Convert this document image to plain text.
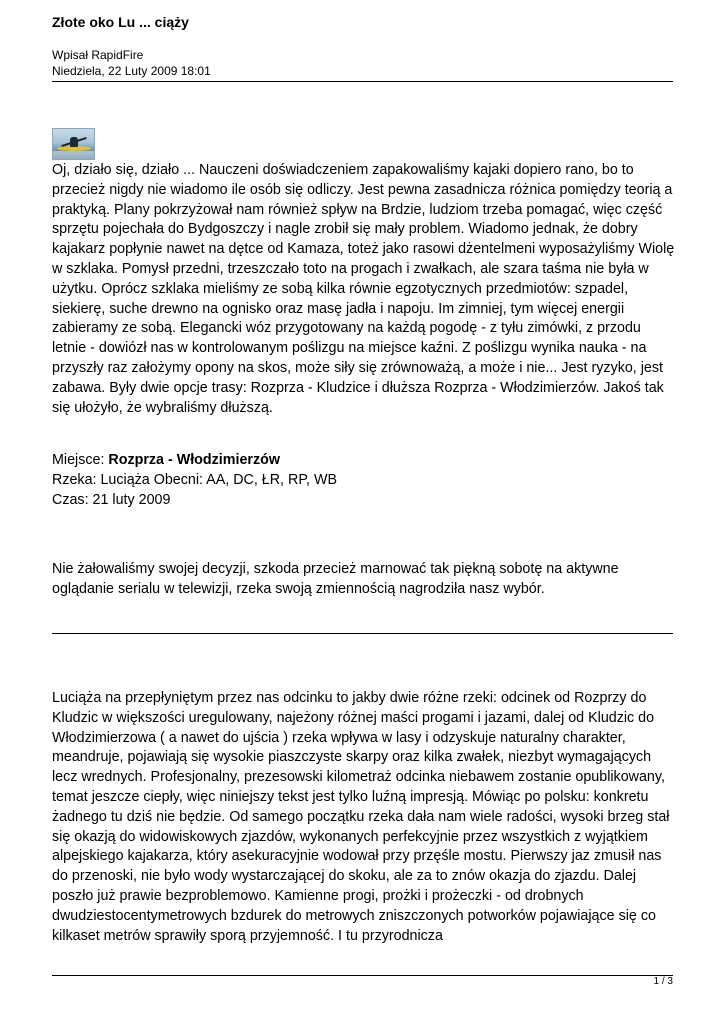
Złote oko Lu ... ciąży
Wpisał RapidFire
Niedziela, 22 Luty 2009 18:01

Oj, działo się, działo ... Nauczeni doświadczeniem zapakowaliśmy kajaki dopiero rano, bo to przecież nigdy nie wiadomo ile osób się odliczy. Jest pewna zasadnicza różnica pomiędzy teorią a praktyką. Plany pokrzyżował nam również spływ na Brdzie, ludziom trzeba pomagać, więc część sprzętu pojechała do Bydgoszczy i nagle zrobił się mały problem. Wiadomo jednak, że dobry kajakarz popłynie nawet na dętce od Kamaza, toteż jako rasowi dżentelmeni wyposażyliśmy Wiolę w szklaka. Pomysł przedni, trzeszczało toto na progach i zwałkach, ale szara taśma nie była w użytku. Oprócz szklaka mieliśmy ze sobą kilka równie egzotycznych przedmiotów: szpadel, siekierę, suche drewno na ognisko oraz masę jadła i napoju. Im zimniej, tym więcej energii zabieramy ze sobą. Elegancki wóz przygotowany na każdą pogodę - z tyłu zimówki, z przodu letnie - dowiózł nas w kontrolowanym poślizgu na miejsce kaźni. Z poślizgu wynika nauka - na przyszły raz założymy opony na skos, może siły się zrównoważą, a może i nie... Jest ryzyko, jest zabawa. Były dwie opcje trasy: Rozprza - Kludzice i dłuższa Rozprza - Włodzimierzów. Jakoś tak się ułożyło, że wybraliśmy dłuższą.

Miejsce: Rozprza - Włodzimierzów
Rzeka: Luciąża Obecni: AA, DC, ŁR, RP, WB
Czas: 21 luty 2009

Nie żałowaliśmy swojej decyzji, szkoda przecież marnować tak piękną sobotę na aktywne oglądanie serialu w telewizji, rzeka swoją zmiennością nagrodziła nasz wybór.

Luciąża na przepłyniętym przez nas odcinku to jakby dwie różne rzeki: odcinek od Rozprzy do Kludzic w większości uregulowany, najeżony różnej maści progami i jazami, dalej od Kludzic do Włodzimierzowa ( a nawet do ujścia ) rzeka wpływa w lasy i odzyskuje naturalny charakter, meandruje, pojawiają się wysokie piaszczyste skarpy oraz kilka zwałek, niezbyt wymagających lecz wrednych. Profesjonalny, prezesowski kilometraż odcinka niebawem zostanie opublikowany, temat jeszcze ciepły, więc niniejszy tekst jest tylko luźną impresją. Mówiąc po polsku: konkretu żadnego tu dziś nie będzie. Od samego początku rzeka dała nam wiele radości, wysoki brzeg stał się okazją do widowiskowych zjazdów, wykonanych perfekcyjnie przez wszystkich z wyjątkiem alpejskiego kajakarza, który asekuracyjnie wodował przy przęśle mostu. Pierwszy jaz zmusił nas do przenoski, nie było wody wystarczającej do skoku, ale za to znów okazja do zjazdu. Dalej poszło już prawie bezproblemowo. Kamienne progi, prożki i prożeczki - od drobnych dwudziestocentymetrowych bzdurek do metrowych zniszczonych potworków pojawiające się co kilkaset metrów sprawiły sporą przyjemność. I tu przyrodnicza

1 / 3
